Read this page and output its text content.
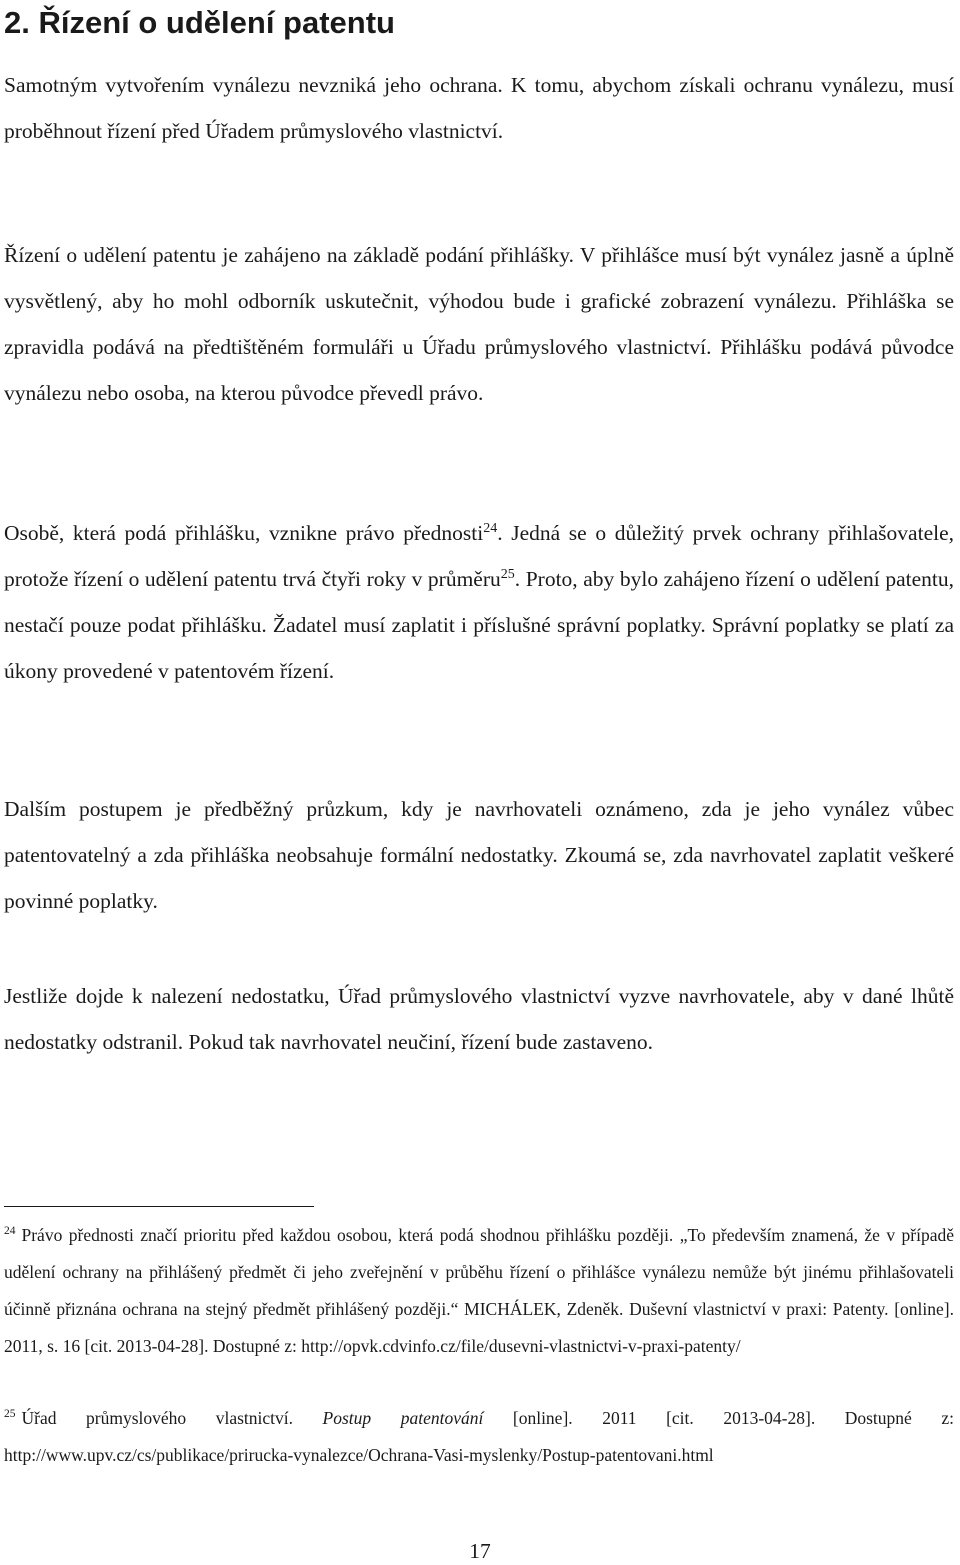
2. Řízení o udělení patentu

Samotným vytvořením vynálezu nevzniká jeho ochrana. K tomu, abychom získali ochranu vynálezu, musí proběhnout řízení před Úřadem průmyslového vlastnictví.

Řízení o udělení patentu je zahájeno na základě podání přihlášky. V přihlášce musí být vynález jasně a úplně vysvětlený, aby ho mohl odborník uskutečnit, výhodou bude i grafické zobrazení vynálezu. Přihláška se zpravidla podává na předtištěném formuláři u Úřadu průmyslového vlastnictví. Přihlášku podává původce vynálezu nebo osoba, na kterou původce převedl právo.

Osobě, která podá přihlášku, vznikne právo přednosti$^{24}$. Jedná se o důležitý prvek ochrany přihlašovatele, protože řízení o udělení patentu trvá čtyři roky v průměru$^{25}$. Proto, aby bylo zahájeno řízení o udělení patentu, nestačí pouze podat přihlášku. Žadatel musí zaplatit i příslušné správní poplatky. Správní poplatky se platí za úkony provedené v patentovém řízení.

Dalším postupem je předběžný průzkum, kdy je navrhovateli oznámeno, zda je jeho vynález vůbec patentovatelný a zda přihláška neobsahuje formální nedostatky. Zkoumá se, zda navrhovatel zaplatit veškeré povinné poplatky.

Jestliže dojde k nalezení nedostatku, Úřad průmyslového vlastnictví vyzve navrhovatele, aby v dané lhůtě nedostatky odstranil. Pokud tak navrhovatel neučiní, řízení bude zastaveno.

$^{24}$ Právo přednosti značí prioritu před každou osobou, která podá shodnou přihlášku později. „To především znamená, že v případě udělení ochrany na přihlášený předmět či jeho zveřejnění v průběhu řízení o přihlášce vynálezu nemůže být jinému přihlašovateli účinně přiznána ochrana na stejný předmět přihlášený později.“ MICHÁLEK, Zdeněk. Duševní vlastnictví v praxi: Patenty. [online]. 2011, s. 16 [cit. 2013-04-28]. Dostupné z: http://opvk.cdvinfo.cz/file/dusevni-vlastnictvi-v-praxi-patenty/

$^{25}$ Úřad průmyslového vlastnictví. Postup patentování [online]. 2011 [cit. 2013-04-28]. Dostupné z: http://www.upv.cz/cs/publikace/prirucka-vynalezce/Ochrana-Vasi-myslenky/Postup-patentovani.html

17
